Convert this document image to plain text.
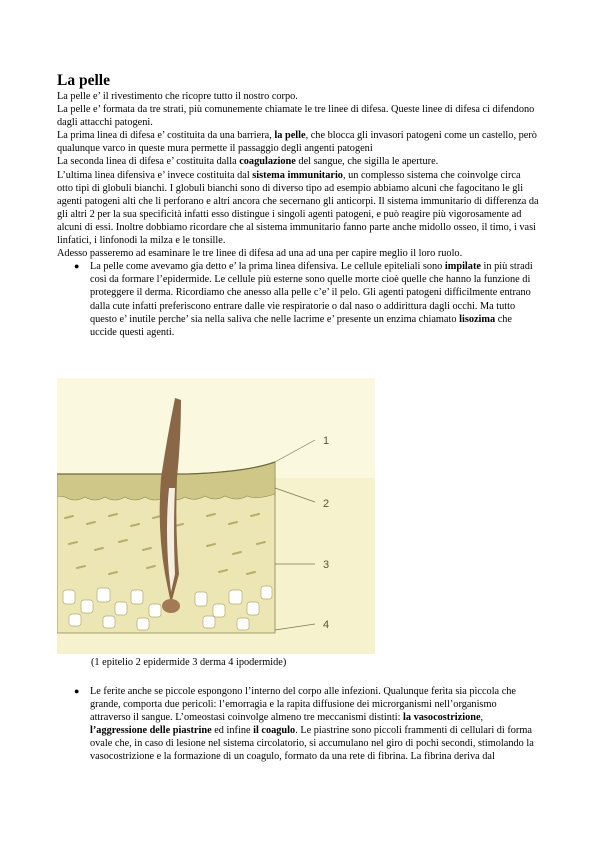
La pelle

La pelle e’ il rivestimento che ricopre tutto il nostro corpo.

La pelle e’ formata da tre strati, più comunemente chiamate le tre linee di difesa. Queste linee di difesa ci difendono dagli attacchi patogeni.

La prima linea di difesa e’ costituita da una barriera, la pelle, che blocca gli invasori patogeni come un castello, però qualunque varco in queste mura permette il passaggio degli angenti patogeni

La seconda linea di difesa e’ costituita dalla coagulazione del sangue, che sigilla le aperture.

L’ultima linea difensiva e’ invece costituita dal sistema immunitario, un complesso sistema che coinvolge circa otto tipi di globuli bianchi. I globuli bianchi sono di diverso tipo ad esempio abbiamo alcuni che fagocitano le gli agenti patogeni alti che li perforano e altri ancora che secernano gli anticorpi. Il sistema immunitario di differenza da gli altri 2 per la sua specificità infatti esso distingue i singoli agenti patogeni, e può reagire più vigorosamente ad alcuni di essi. Inoltre dobbiamo ricordare che al sistema immunitario fanno parte anche midollo osseo, il timo, i vasi linfatici, i linfonodi la milza e le tonsille.

Adesso passeremo ad esaminare le tre linee di difesa ad una ad una per capire meglio il loro ruolo.

● La pelle come avevamo gia detto e’ la prima linea difensiva. Le cellule epiteliali sono impilate in più stradi così da formare l’epidermide. Le cellule più esterne sono quelle morte cioè quelle che hanno la funzione di proteggere il derma. Ricordiamo che anesso alla pelle c’e’ il pelo. Gli agenti patogeni difficilmente entrano dalla cute infatti preferiscono entrare dalle vie respiratorie o dal naso o addirittura dagli occhi. Ma tutto questo e’ inutile perche’ sia nella saliva che nelle lacrime e’ presente un enzima chiamato lisozima che uccide questi agenti.
1
2
3
4
(1 epitelio 2 epidermide 3 derma 4 ipodermide)
● Le ferite anche se piccole espongono l’interno del corpo alle infezioni. Qualunque ferita sia piccola che grande, comporta due pericoli: l’emorragia e la rapita diffusione dei microrganismi nell’organismo attraverso il sangue. L’omeostasi coinvolge almeno tre meccanismi distinti: la vasocostrizione, l’aggressione delle piastrine ed infine il coagulo. Le piastrine sono piccoli frammenti di cellulari di forma ovale che, in caso di lesione nel sistema circolatorio, si accumulano nel giro di pochi secondi, stimolando la vasocostrizione e la formazione di un coagulo, formato da una rete di fibrina. La fibrina deriva dal
